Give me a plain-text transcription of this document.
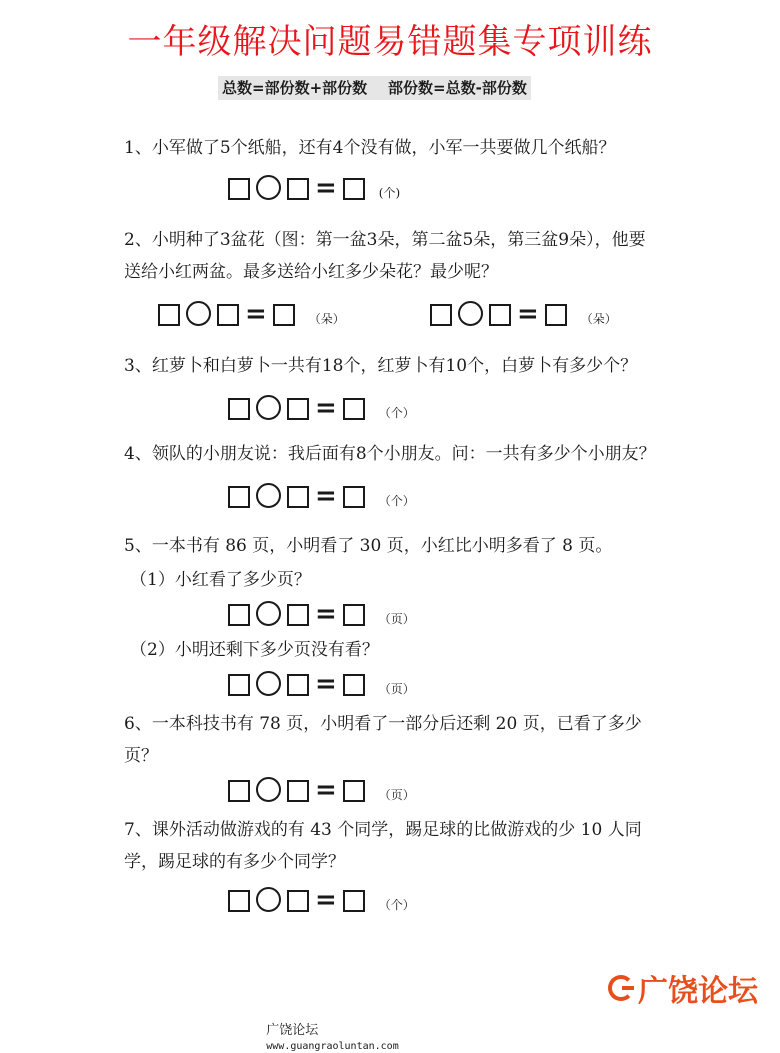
一年级解决问题易错题集专项训练
总数=部份数+部份数    部份数=总数-部份数
1、小军做了5个纸船，还有4个没有做，小军一共要做几个纸船？
=	(个)
2、小明种了3盆花（图：第一盆3朵，第二盆5朵，第三盆9朵），他要
送给小红两盆。最多送给小红多少朵花？最少呢？
=	（朵）	=	（朵）
3、红萝卜和白萝卜一共有18个，红萝卜有10个，白萝卜有多少个？
=	（个）
4、领队的小朋友说：我后面有8个小朋友。问：一共有多少个小朋友？
=	（个）
5、一本书有 86 页，小明看了 30 页，小红比小明多看了 8 页。
（1）小红看了多少页？
=	（页）
（2）小明还剩下多少页没有看？
=	（页）
6、一本科技书有 78 页，小明看了一部分后还剩 20 页，已看了多少
页？
=	（页）
7、课外活动做游戏的有 43 个同学，踢足球的比做游戏的少 10 人同
学，踢足球的有多少个同学？
=	（个）

广饶论坛
www.guangraoluntan.com

广饶论坛
